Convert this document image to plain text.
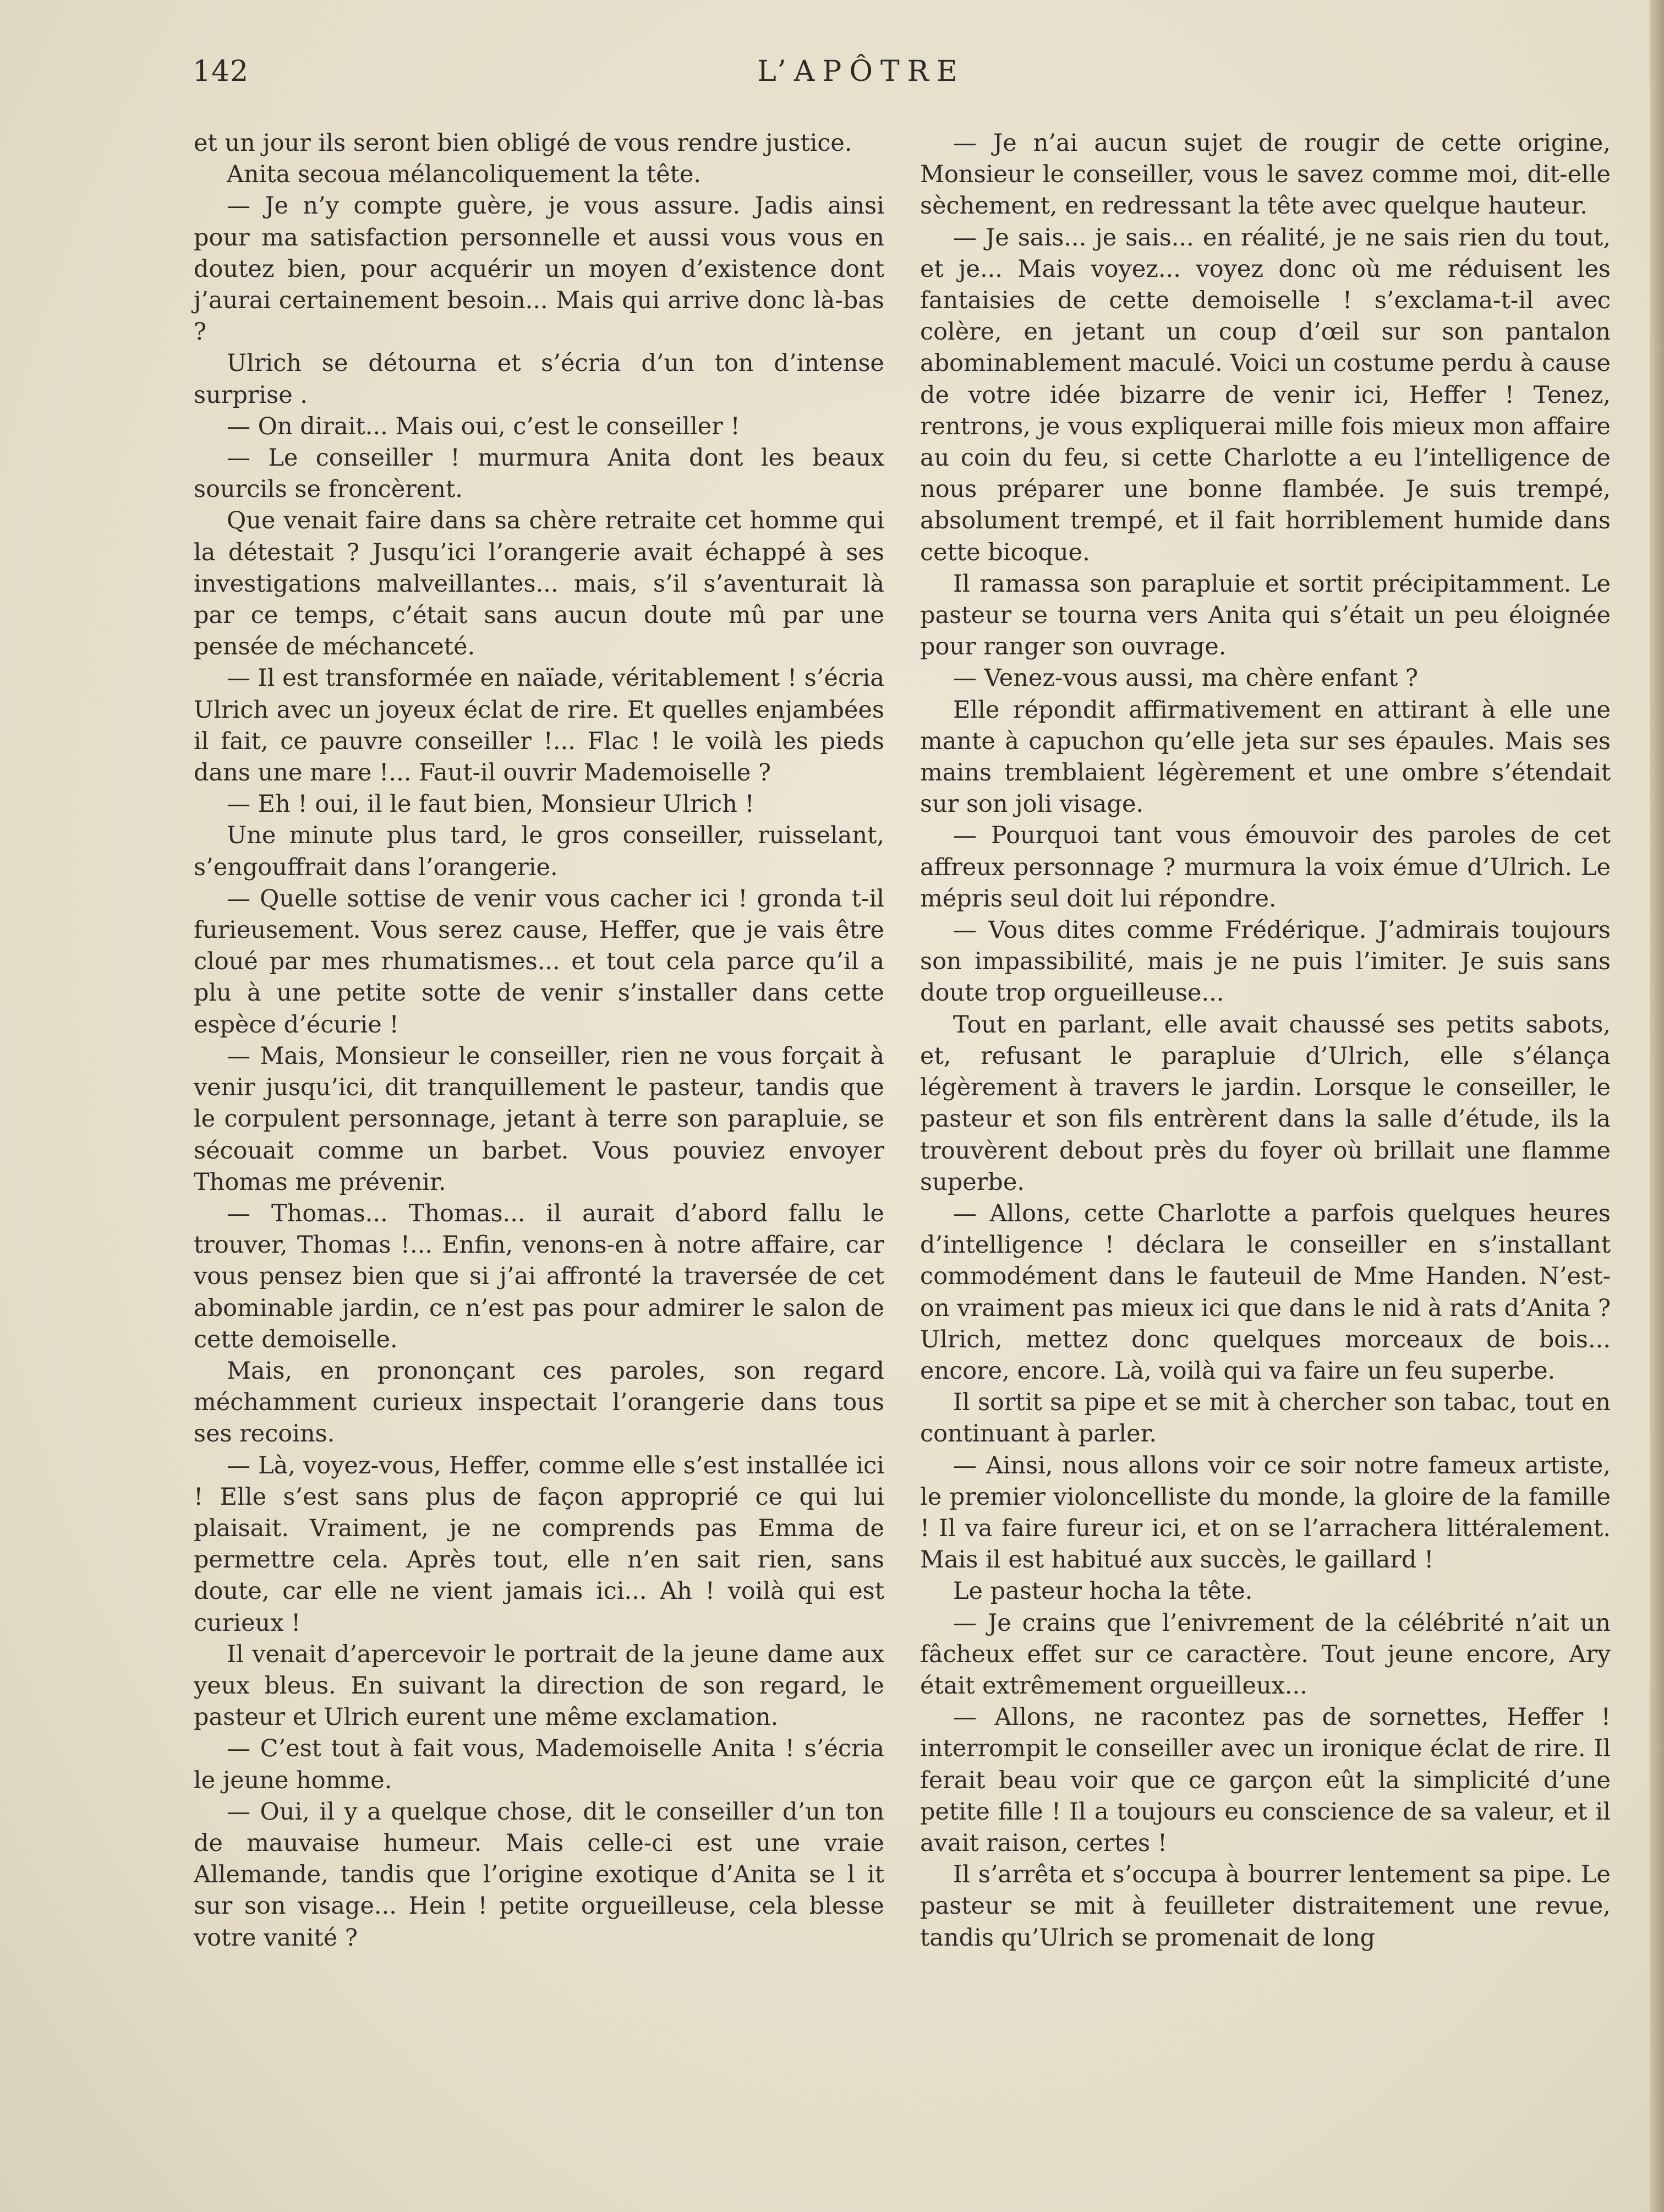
142	L’APÔTRE

et un jour ils seront bien obligé de vous rendre justice.

Anita secoua mélancoliquement la tête.

— Je n’y compte guère, je vous assure. Jadis ainsi pour ma satisfaction personnelle et aussi vous vous en doutez bien, pour acquérir un moyen d’existence dont j’aurai certainement besoin... Mais qui arrive donc là-bas ?

Ulrich se détourna et s’écria d’un ton d’intense surprise .

— On dirait... Mais oui, c’est le conseiller !

— Le conseiller ! murmura Anita dont les beaux sourcils se froncèrent.

Que venait faire dans sa chère retraite cet homme qui la détestait ? Jusqu’ici l’orangerie avait échappé à ses investigations malveillantes... mais, s’il s’aventurait là par ce temps, c’était sans aucun doute mû par une pensée de méchanceté.

— Il est transformée en naïade, véritablement ! s’écria Ulrich avec un joyeux éclat de rire. Et quelles enjambées il fait, ce pauvre conseiller !... Flac ! le voilà les pieds dans une mare !... Faut-il ouvrir Mademoiselle ?

— Eh ! oui, il le faut bien, Monsieur Ulrich !

Une minute plus tard, le gros conseiller, ruisselant, s’engouffrait dans l’orangerie.

— Quelle sottise de venir vous cacher ici ! gronda t-il furieusement. Vous serez cause, Heffer, que je vais être cloué par mes rhumatismes... et tout cela parce qu’il a plu à une petite sotte de venir s’installer dans cette espèce d’écurie !

— Mais, Monsieur le conseiller, rien ne vous forçait à venir jusqu’ici, dit tranquillement le pasteur, tandis que le corpulent personnage, jetant à terre son parapluie, se sécouait comme un barbet. Vous pouviez envoyer Thomas me prévenir.

— Thomas... Thomas... il aurait d’abord fallu le trouver, Thomas !... Enfin, venons-en à notre affaire, car vous pensez bien que si j’ai affronté la traversée de cet abominable jardin, ce n’est pas pour admirer le salon de cette demoiselle.

Mais, en prononçant ces paroles, son regard méchamment curieux inspectait l’orangerie dans tous ses recoins.

— Là, voyez-vous, Heffer, comme elle s’est installée ici ! Elle s’est sans plus de façon approprié ce qui lui plaisait. Vraiment, je ne comprends pas Emma de permettre cela. Après tout, elle n’en sait rien, sans doute, car elle ne vient jamais ici... Ah ! voilà qui est curieux !

Il venait d’apercevoir le portrait de la jeune dame aux yeux bleus. En suivant la direction de son regard, le pasteur et Ulrich eurent une même exclamation.

— C’est tout à fait vous, Mademoiselle Anita ! s’écria le jeune homme.

— Oui, il y a quelque chose, dit le conseiller d’un ton de mauvaise humeur. Mais celle-ci est une vraie Allemande, tandis que l’origine exotique d’Anita se l it sur son visage... Hein ! petite orgueilleuse, cela blesse votre vanité ?

— Je n’ai aucun sujet de rougir de cette origine, Monsieur le conseiller, vous le savez comme moi, dit-elle sèchement, en redressant la tête avec quelque hauteur.

— Je sais... je sais... en réalité, je ne sais rien du tout, et je... Mais voyez... voyez donc où me réduisent les fantaisies de cette demoiselle ! s’exclama-t-il avec colère, en jetant un coup d’œil sur son pantalon abominablement maculé. Voici un costume perdu à cause de votre idée bizarre de venir ici, Heffer ! Tenez, rentrons, je vous expliquerai mille fois mieux mon affaire au coin du feu, si cette Charlotte a eu l’intelligence de nous préparer une bonne flambée. Je suis trempé, absolument trempé, et il fait horriblement humide dans cette bicoque.

Il ramassa son parapluie et sortit précipitamment. Le pasteur se tourna vers Anita qui s’était un peu éloignée pour ranger son ouvrage.

— Venez-vous aussi, ma chère enfant ?

Elle répondit affirmativement en attirant à elle une mante à capuchon qu’elle jeta sur ses épaules. Mais ses mains tremblaient légèrement et une ombre s’étendait sur son joli visage.

— Pourquoi tant vous émouvoir des paroles de cet affreux personnage ? murmura la voix émue d’Ulrich. Le mépris seul doit lui répondre.

— Vous dites comme Frédérique. J’admirais toujours son impassibilité, mais je ne puis l’imiter. Je suis sans doute trop orgueilleuse...

Tout en parlant, elle avait chaussé ses petits sabots, et, refusant le parapluie d’Ulrich, elle s’élança légèrement à travers le jardin. Lorsque le conseiller, le pasteur et son fils entrèrent dans la salle d’étude, ils la trouvèrent debout près du foyer où brillait une flamme superbe.

— Allons, cette Charlotte a parfois quelques heures d’intelligence ! déclara le conseiller en s’installant commodément dans le fauteuil de Mme Handen. N’est-on vraiment pas mieux ici que dans le nid à rats d’Anita ? Ulrich, mettez donc quelques morceaux de bois... encore, encore. Là, voilà qui va faire un feu superbe.

Il sortit sa pipe et se mit à chercher son tabac, tout en continuant à parler.

— Ainsi, nous allons voir ce soir notre fameux artiste, le premier violoncelliste du monde, la gloire de la famille ! Il va faire fureur ici, et on se l’arrachera littéralement. Mais il est habitué aux succès, le gaillard !

Le pasteur hocha la tête.

— Je crains que l’enivrement de la célébrité n’ait un fâcheux effet sur ce caractère. Tout jeune encore, Ary était extrêmement orgueilleux...

— Allons, ne racontez pas de sornettes, Heffer ! interrompit le conseiller avec un ironique éclat de rire. Il ferait beau voir que ce garçon eût la simplicité d’une petite fille ! Il a toujours eu conscience de sa valeur, et il avait raison, certes !

Il s’arrêta et s’occupa à bourrer lentement sa pipe. Le pasteur se mit à feuilleter distraitement une revue, tandis qu’Ulrich se promenait de long
